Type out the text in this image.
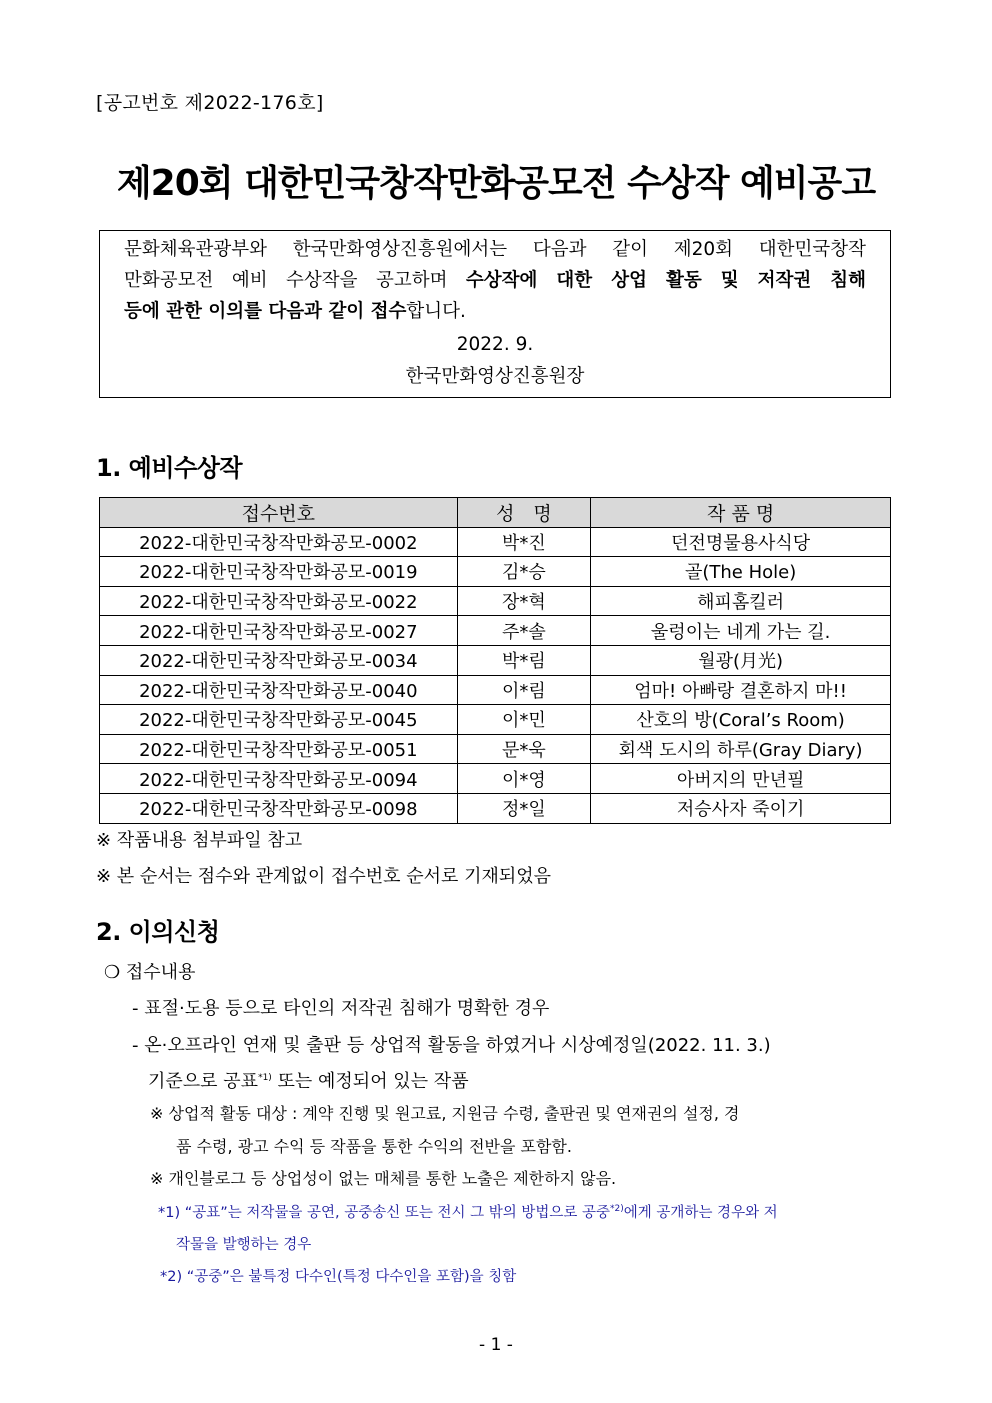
[공고번호 제2022-176호]
제20회 대한민국창작만화공모전 수상작 예비공고
문화체육관광부와 한국만화영상진흥원에서는 다음과 같이 제20회 대한민국창작
만화공모전 예비 수상작을 공고하며 수상작에 대한 상업 활동 및 저작권 침해
등에 관한 이의를 다음과 같이 접수합니다.
2022. 9.
한국만화영상진흥원장
1. 예비수상작
접수번호	성　명	작 품 명
2022-대한민국창작만화공모-0002	박*진	던전명물용사식당
2022-대한민국창작만화공모-0019	김*승	골(The Hole)
2022-대한민국창작만화공모-0022	장*혁	해피홈킬러
2022-대한민국창작만화공모-0027	주*솔	울렁이는 네게 가는 길.
2022-대한민국창작만화공모-0034	박*림	월광(月光)
2022-대한민국창작만화공모-0040	이*림	엄마! 아빠랑 결혼하지 마!!
2022-대한민국창작만화공모-0045	이*민	산호의 방(Coral’s Room)
2022-대한민국창작만화공모-0051	문*욱	회색 도시의 하루(Gray Diary)
2022-대한민국창작만화공모-0094	이*영	아버지의 만년필
2022-대한민국창작만화공모-0098	정*일	저승사자 죽이기
※ 작품내용 첨부파일 참고
※ 본 순서는 점수와 관계없이 접수번호 순서로 기재되었음
2. 이의신청
❍ 접수내용
- 표절·도용 등으로 타인의 저작권 침해가 명확한 경우
- 온·오프라인 연재 및 출판 등 상업적 활동을 하였거나 시상예정일(2022. 11. 3.)
기준으로 공표$^{*1)}$ 또는 예정되어 있는 작품
※ 상업적 활동 대상 : 계약 진행 및 원고료, 지원금 수령, 출판권 및 연재권의 설정, 경
품 수령, 광고 수익 등 작품을 통한 수익의 전반을 포함함.
※ 개인블로그 등 상업성이 없는 매체를 통한 노출은 제한하지 않음.
*1) “공표”는 저작물을 공연, 공중송신 또는 전시 그 밖의 방법으로 공중$^{*2)}$에게 공개하는 경우와 저
작물을 발행하는 경우
*2) “공중”은 불특정 다수인(특정 다수인을 포함)을 칭함
- 1 -
